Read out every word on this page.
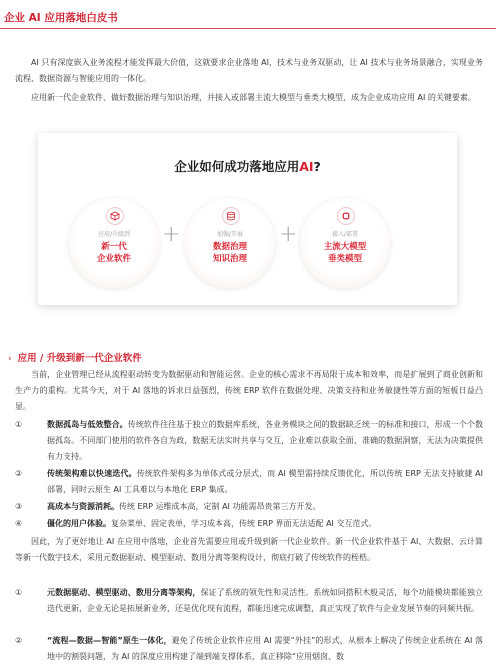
企业 AI 应用落地白皮书

AI 只有深度嵌入业务流程才能发挥最大价值，这就要求企业落地 AI，技术与业务双驱动，让 AI 技术与业务场景融合，实现业务流程、数据资源与智能应用的一体化。

应用新一代企业软件、做好数据治理与知识治理，并接入或部署主流大模型与垂类大模型，成为企业成功应用 AI 的关键要素。

企业如何成功落地应用AI?
应用/升级到
新一代
企业软件
+	加强/开展
数据治理
知识治理
+	接入/部署
主流大模型
垂类模型
› 应用 / 升级到新一代企业软件

当前，企业管理已经从流程驱动转变为数据驱动和智能运营。企业的核心需求不再局限于成本和效率，而是扩展到了商业创新和生产力的重构。尤其今天，对于 AI 落地的诉求日益强烈，传统 ERP 软件在数据处理、决策支持和业务敏捷性等方面的短板日益凸显。

①	数据孤岛与低效整合。传统软件往往基于独立的数据库系统，各业务模块之间的数据缺乏统一的标准和接口，形成一个个数据孤岛。不同部门使用的软件各自为政，数据无法实时共享与交互，企业难以获取全面、准确的数据洞察，无法为决策提供有力支持。
②	传统架构难以快速迭代。传统软件架构多为单体式或分层式，而 AI 模型需持续反馈优化，所以传统 ERP 无法支持敏捷 AI 部署，同时云原生 AI 工具难以与本地化 ERP 集成。
③	高成本与资源消耗。传统 ERP 运维成本高，定制 AI 功能需昂贵第三方开发。
④	僵化的用户体验。复杂菜单、固定表单，学习成本高，传统 ERP 界面无法适配 AI 交互范式。

因此，为了更好地让 AI 在应用中落地，企业首先需要应用或升级到新一代企业软件。新一代企业软件基于 AI、大数据、云计算等新一代数字技术，采用元数据驱动、模型驱动、数用分离等架构设计，彻底打破了传统软件的桎梏。

①	元数据驱动、模型驱动、数用分离等架构，保证了系统的领先性和灵活性。系统如同搭积木般灵活，每个功能模块都能独立迭代更新，企业无论是拓展新业务，还是优化现有流程，都能迅速完成调整，真正实现了软件与企业发展节奏的同频共振。
②	“流程—数据—智能”原生一体化，避免了传统企业软件应用 AI 需要“外挂”的形式，从根本上解决了传统企业系统在 AI 落地中的割裂问题，为 AI 的深度应用构建了端到端支撑体系，真正移除“应用烟囱、数
